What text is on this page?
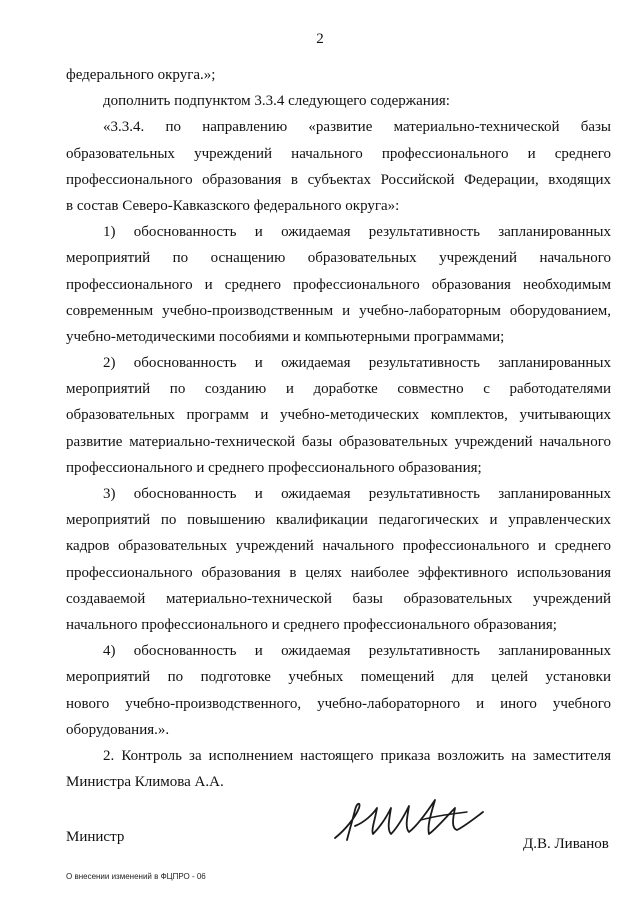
2
федерального округа.»;
дополнить подпунктом 3.3.4 следующего содержания:
«3.3.4. по направлению «развитие материально-технической базы
образовательных учреждений начального профессионального и среднего
профессионального образования в субъектах Российской Федерации, входящих
в состав Северо-Кавказского федерального округа»:
1) обоснованность и ожидаемая результативность запланированных
мероприятий по оснащению образовательных учреждений начального
профессионального и среднего профессионального образования необходимым
современным учебно-производственным и учебно-лабораторным оборудованием,
учебно-методическими пособиями и компьютерными программами;
2) обоснованность и ожидаемая результативность запланированных
мероприятий по созданию и доработке совместно с работодателями
образовательных программ и учебно-методических комплектов, учитывающих
развитие материально-технической базы образовательных учреждений начального
профессионального и среднего профессионального образования;
3) обоснованность и ожидаемая результативность запланированных
мероприятий по повышению квалификации педагогических и управленческих
кадров образовательных учреждений начального профессионального и среднего
профессионального образования в целях наиболее эффективного использования
создаваемой материально-технической базы образовательных учреждений
начального профессионального и среднего профессионального образования;
4) обоснованность и ожидаемая результативность запланированных
мероприятий по подготовке учебных помещений для целей установки
нового учебно-производственного, учебно-лабораторного и иного учебного
оборудования.».
2. Контроль за исполнением настоящего приказа возложить на заместителя
Министра Климова А.А.
Министр	Д.В. Ливанов
О внесении изменений в ФЦПРО - 06
